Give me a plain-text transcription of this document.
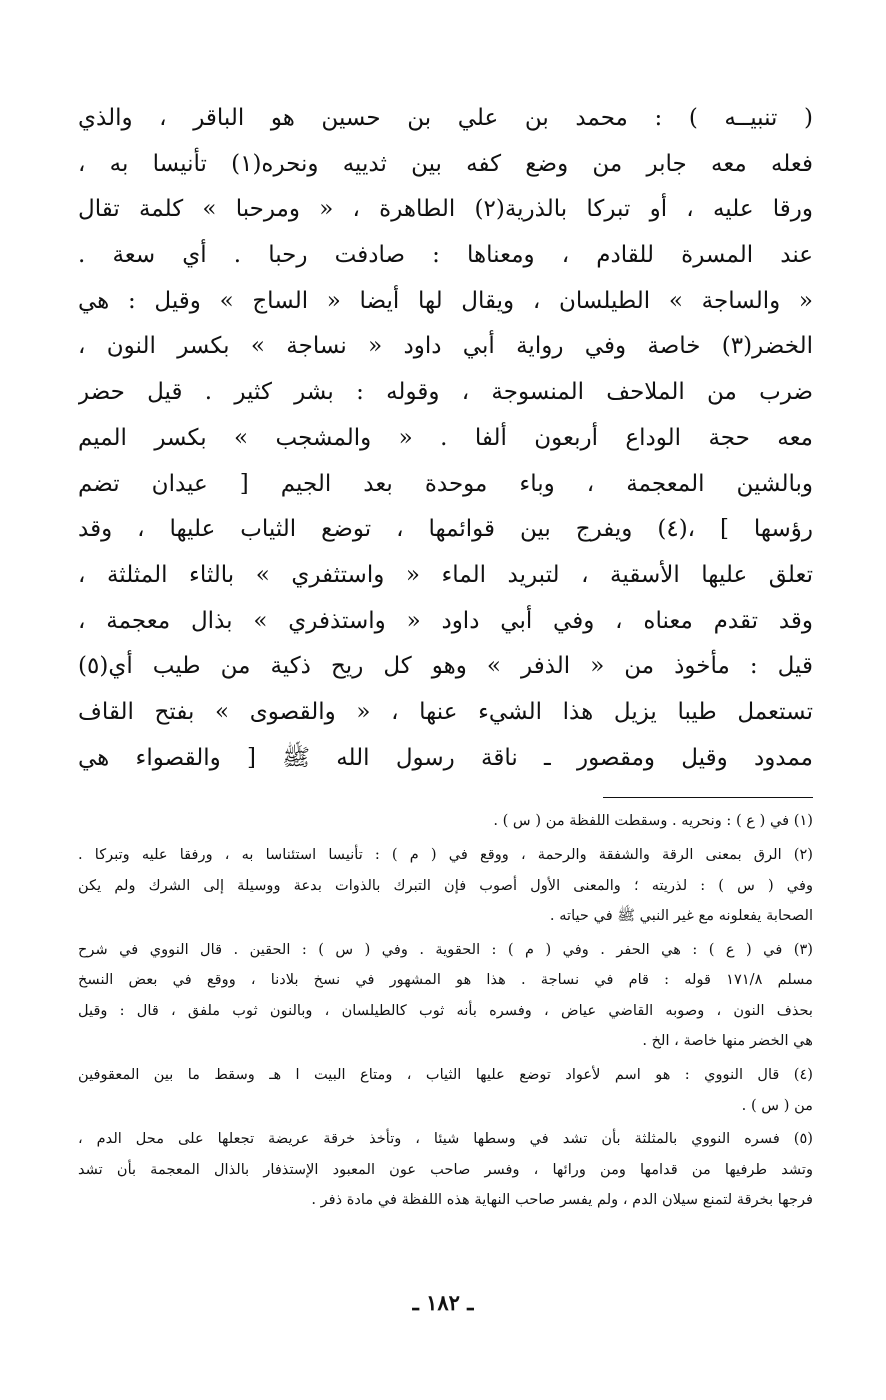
( تنبيــه ) : محمد بن علي بن حسين هو الباقر ، والذي
فعله معه جابر من وضع كفه بين ثدييه ونحره(١) تأنيسا به ،
ورقا عليه ، أو تبركا بالذرية(٢) الطاهرة ، « ومرحبا » كلمة تقال
عند المسرة للقادم ، ومعناها : صادفت رحبا . أي سعة .
« والساجة » الطيلسان ، ويقال لها أيضا « الساج » وقيل : هي
الخضر(٣) خاصة وفي رواية أبي داود « نساجة » بكسر النون ،
ضرب من الملاحف المنسوجة ، وقوله : بشر كثير . قيل حضر
معه حجة الوداع أربعون ألفا . « والمشجب » بكسر الميم
وبالشين المعجمة ، وباء موحدة بعد الجيم [ عيدان تضم
رؤسها ] ،(٤) ويفرج بين قوائمها ، توضع الثياب عليها ، وقد
تعلق عليها الأسقية ، لتبريد الماء « واستثفري » بالثاء المثلثة ،
وقد تقدم معناه ، وفي أبي داود « واستذفري » بذال معجمة ،
قيل : مأخوذ من « الذفر » وهو كل ريح ذكية من طيب أي(٥)
تستعمل طيبا يزيل هذا الشيء عنها ، « والقصوى » بفتح القاف
ممدود وقيل ومقصور ـ ناقة رسول الله ﷺ [ والقصواء هي
(١) في ( ع ) : ونحريه . وسقطت اللفظة من ( س ) .
(٢) الرق بمعنى الرقة والشفقة والرحمة ، ووقع في ( م ) : تأنيسا استئناسا به ، ورفقا عليه وتبركا .
وفي ( س ) : لذريته ؛ والمعنى الأول أصوب فإن التبرك بالذوات بدعة ووسيلة إلى الشرك ولم يكن
الصحابة يفعلونه مع غير النبي ﷺ في حياته .
(٣) في ( ع ) : هي الحفر . وفي ( م ) : الحقوية . وفي ( س ) : الحقين . قال النووي في شرح
مسلم ١٧١/٨ قوله : قام في نساجة . هذا هو المشهور في نسخ بلادنا ، ووقع في بعض النسخ
بحذف النون ، وصوبه القاضي عياض ، وفسره بأنه ثوب كالطيلسان ، وبالنون ثوب ملفق ، قال : وقيل
هي الخضر منها خاصة ، الخ .
(٤) قال النووي : هو اسم لأعواد توضع عليها الثياب ، ومتاع البيت ا هـ وسقط ما بين المعقوفين
من ( س ) .
(٥) فسره النووي بالمثلثة بأن تشد في وسطها شيئا ، وتأخذ خرقة عريضة تجعلها على محل الدم ،
وتشد طرفيها من قدامها ومن ورائها ، وفسر صاحب عون المعبود الإستذفار بالذال المعجمة بأن تشد
فرجها بخرقة لتمنع سيلان الدم ، ولم يفسر صاحب النهاية هذه اللفظة في مادة ذفر .
ـ ١٨٢ ـ
